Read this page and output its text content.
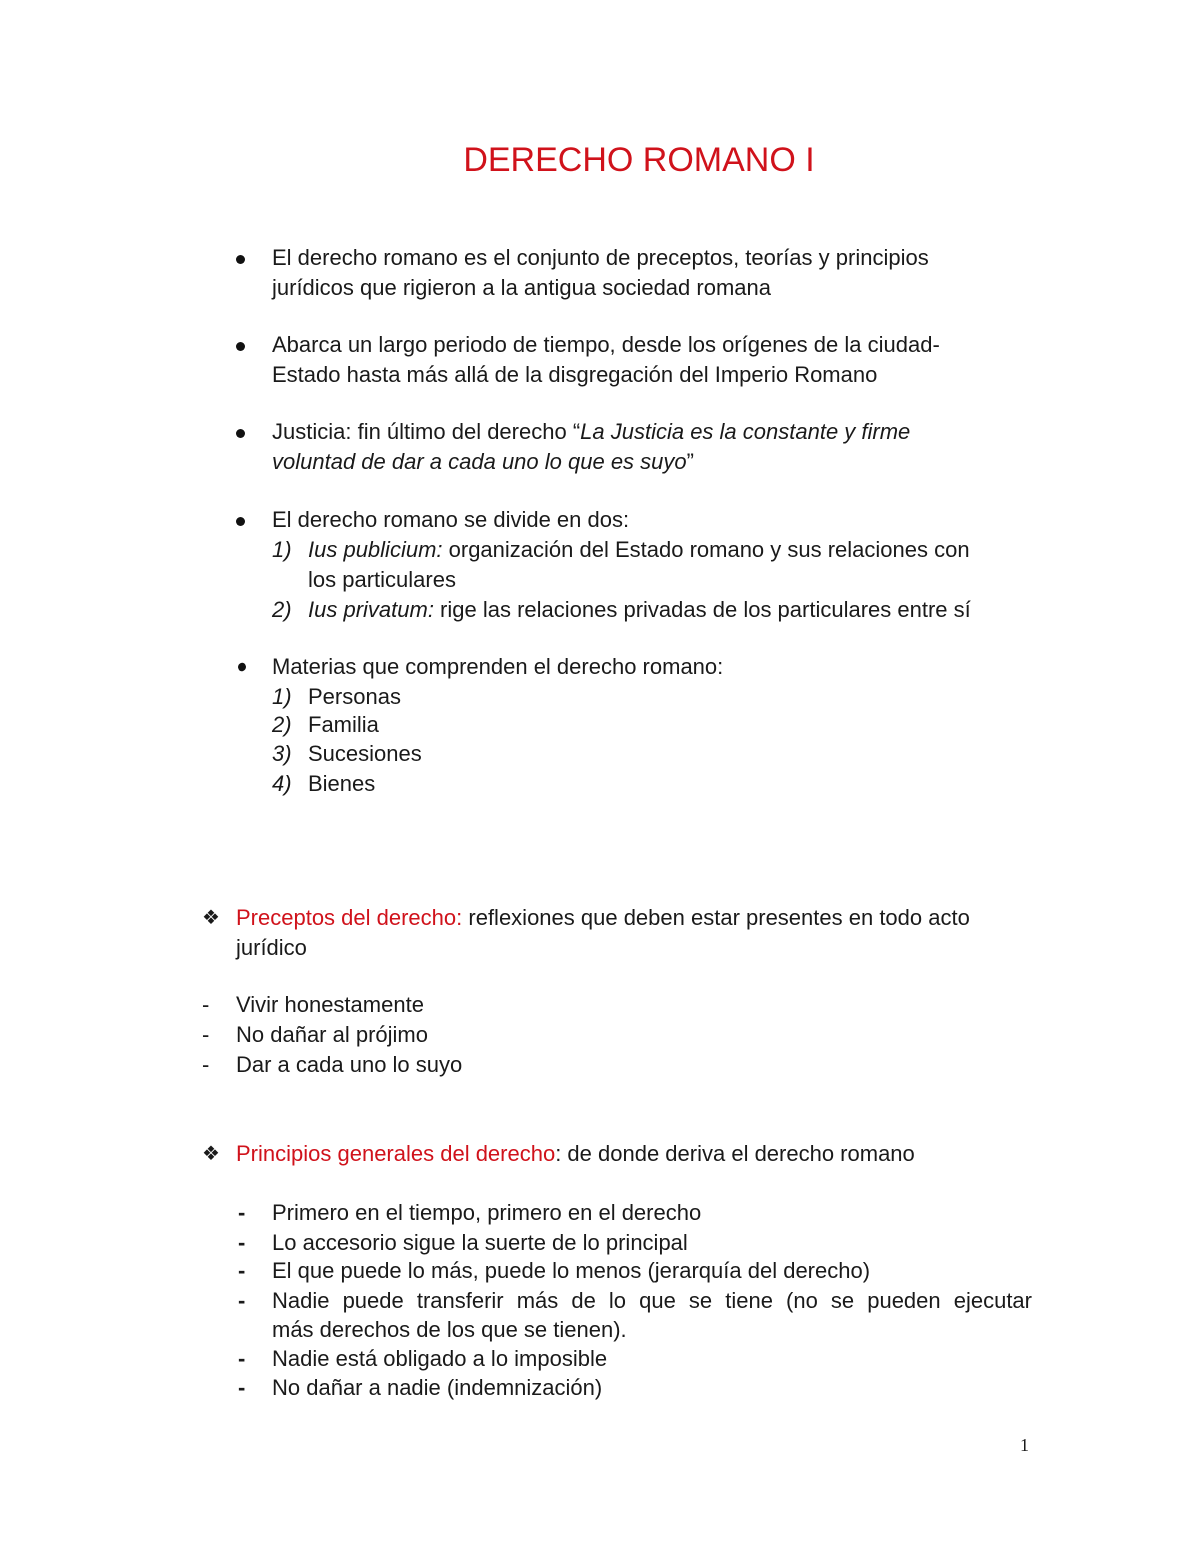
DERECHO ROMANO I
El derecho romano es el conjunto de preceptos, teorías y principios
jurídicos que rigieron a la antigua sociedad romana
Abarca un largo periodo de tiempo, desde los orígenes de la ciudad-
Estado hasta más allá de la disgregación del Imperio Romano
Justicia: fin último del derecho “La Justicia es la constante y firme
voluntad de dar a cada uno lo que es suyo”
El derecho romano se divide en dos:
1) Ius publicium: organización del Estado romano y sus relaciones con
los particulares
2) Ius privatum: rige las relaciones privadas de los particulares entre sí
Materias que comprenden el derecho romano:
1) Personas
2) Familia
3) Sucesiones
4) Bienes
❖ Preceptos del derecho: reflexiones que deben estar presentes en todo acto
jurídico
- Vivir honestamente
- No dañar al prójimo
- Dar a cada uno lo suyo
❖ Principios generales del derecho: de donde deriva el derecho romano
- Primero en el tiempo, primero en el derecho
- Lo accesorio sigue la suerte de lo principal
- El que puede lo más, puede lo menos (jerarquía del derecho)
- Nadie puede transferir más de lo que se tiene (no se pueden ejecutar
más derechos de los que se tienen).
- Nadie está obligado a lo imposible
- No dañar a nadie (indemnización)
1
